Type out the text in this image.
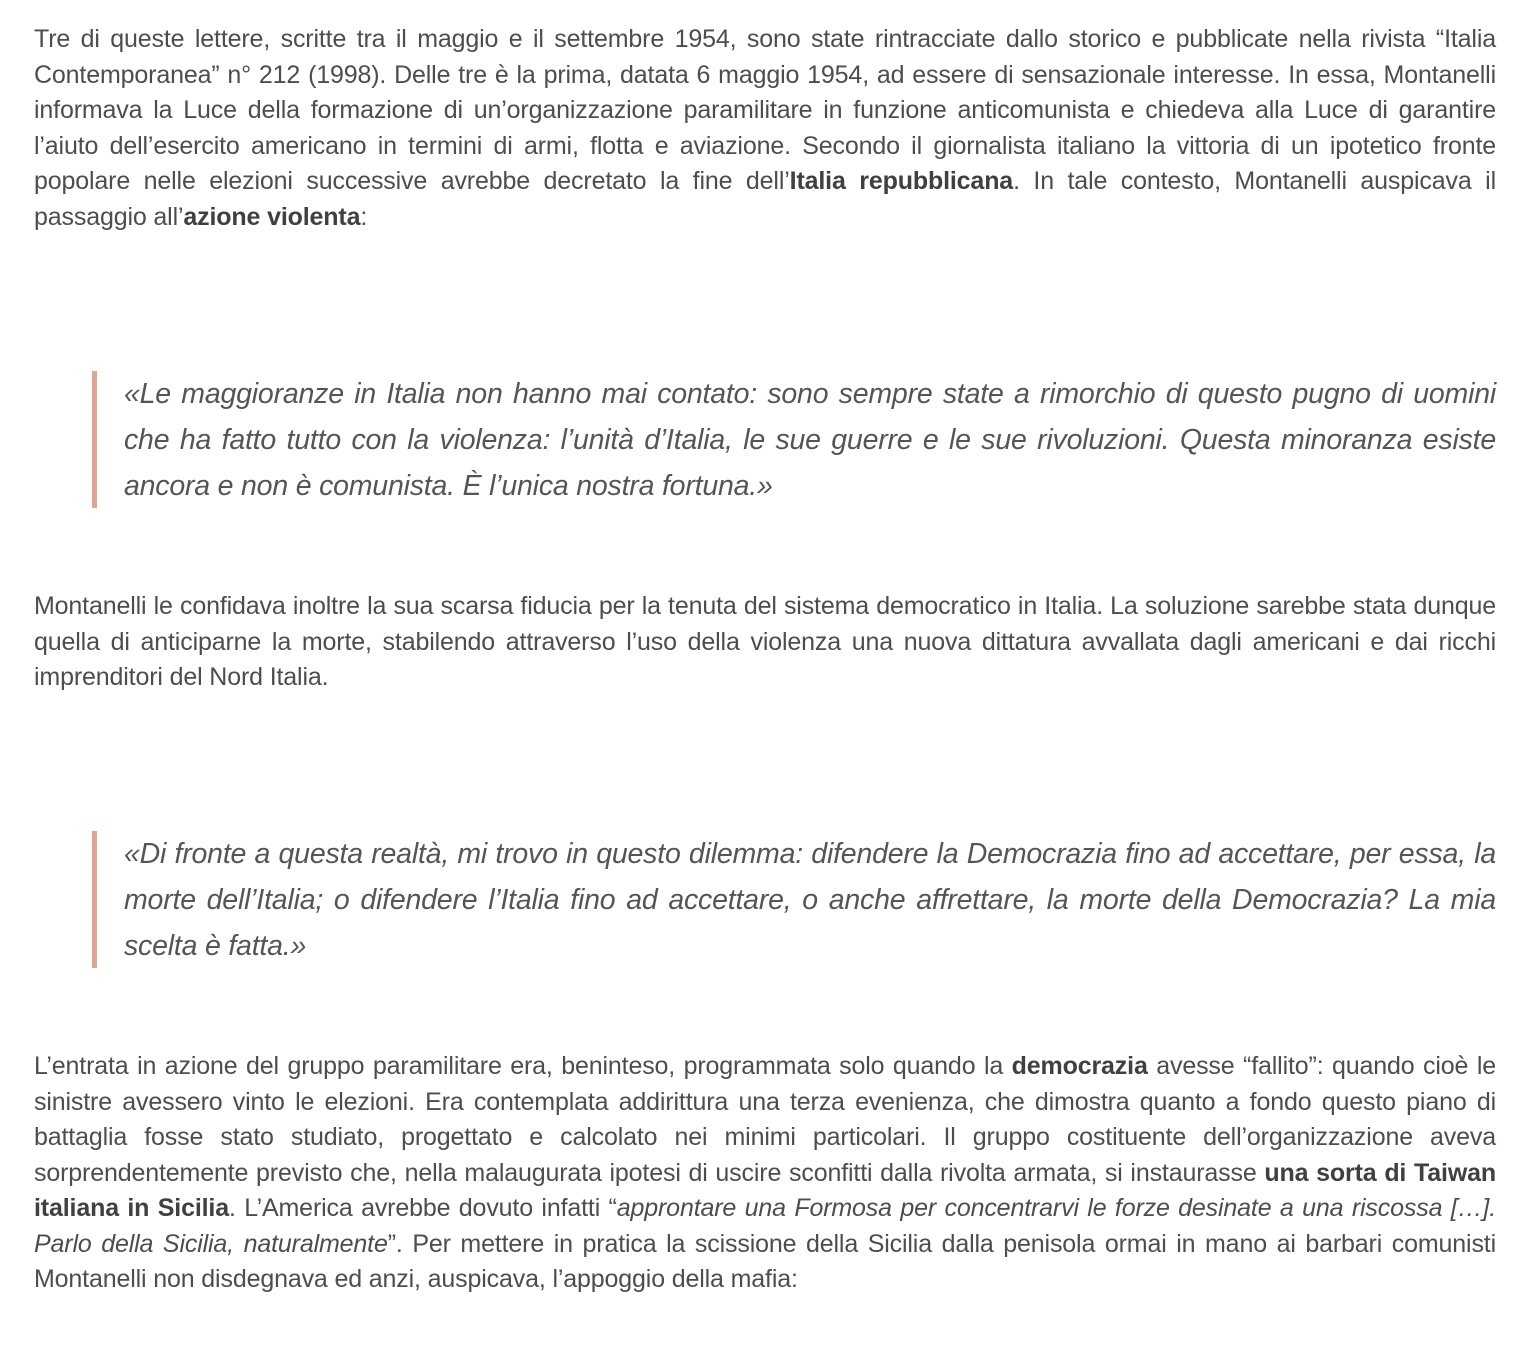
Tre di queste lettere, scritte tra il maggio e il settembre 1954, sono state rintracciate dallo storico e pubblicate nella rivista “Italia Contemporanea” n° 212 (1998). Delle tre è la prima, datata 6 maggio 1954, ad essere di sensazionale interesse. In essa, Montanelli informava la Luce della formazione di un’organizzazione paramilitare in funzione anticomunista e chiedeva alla Luce di garantire l’aiuto dell’esercito americano in termini di armi, flotta e aviazione. Secondo il giornalista italiano la vittoria di un ipotetico fronte popolare nelle elezioni successive avrebbe decretato la fine dell’Italia repubblicana. In tale contesto, Montanelli auspicava il passaggio all’azione violenta:

«Le maggioranze in Italia non hanno mai contato: sono sempre state a rimorchio di questo pugno di uomini che ha fatto tutto con la violenza: l’unità d’Italia, le sue guerre e le sue rivoluzioni. Questa minoranza esiste ancora e non è comunista. È l’unica nostra fortuna.»

Montanelli le confidava inoltre la sua scarsa fiducia per la tenuta del sistema democratico in Italia. La soluzione sarebbe stata dunque quella di anticiparne la morte, stabilendo attraverso l’uso della violenza una nuova dittatura avvallata dagli americani e dai ricchi imprenditori del Nord Italia.

«Di fronte a questa realtà, mi trovo in questo dilemma: difendere la Democrazia fino ad accettare, per essa, la morte dell’Italia; o difendere l’Italia fino ad accettare, o anche affrettare, la morte della Democrazia? La mia scelta è fatta.»

L’entrata in azione del gruppo paramilitare era, beninteso, programmata solo quando la democrazia avesse “fallito”: quando cioè le sinistre avessero vinto le elezioni. Era contemplata addirittura una terza evenienza, che dimostra quanto a fondo questo piano di battaglia fosse stato studiato, progettato e calcolato nei minimi particolari. Il gruppo costituente dell’organizzazione aveva sorprendentemente previsto che, nella malaugurata ipotesi di uscire sconfitti dalla rivolta armata, si instaurasse una sorta di Taiwan italiana in Sicilia. L’America avrebbe dovuto infatti “approntare una Formosa per concentrarvi le forze desinate a una riscossa […]. Parlo della Sicilia, naturalmente”. Per mettere in pratica la scissione della Sicilia dalla penisola ormai in mano ai barbari comunisti Montanelli non disdegnava ed anzi, auspicava, l’appoggio della mafia:
